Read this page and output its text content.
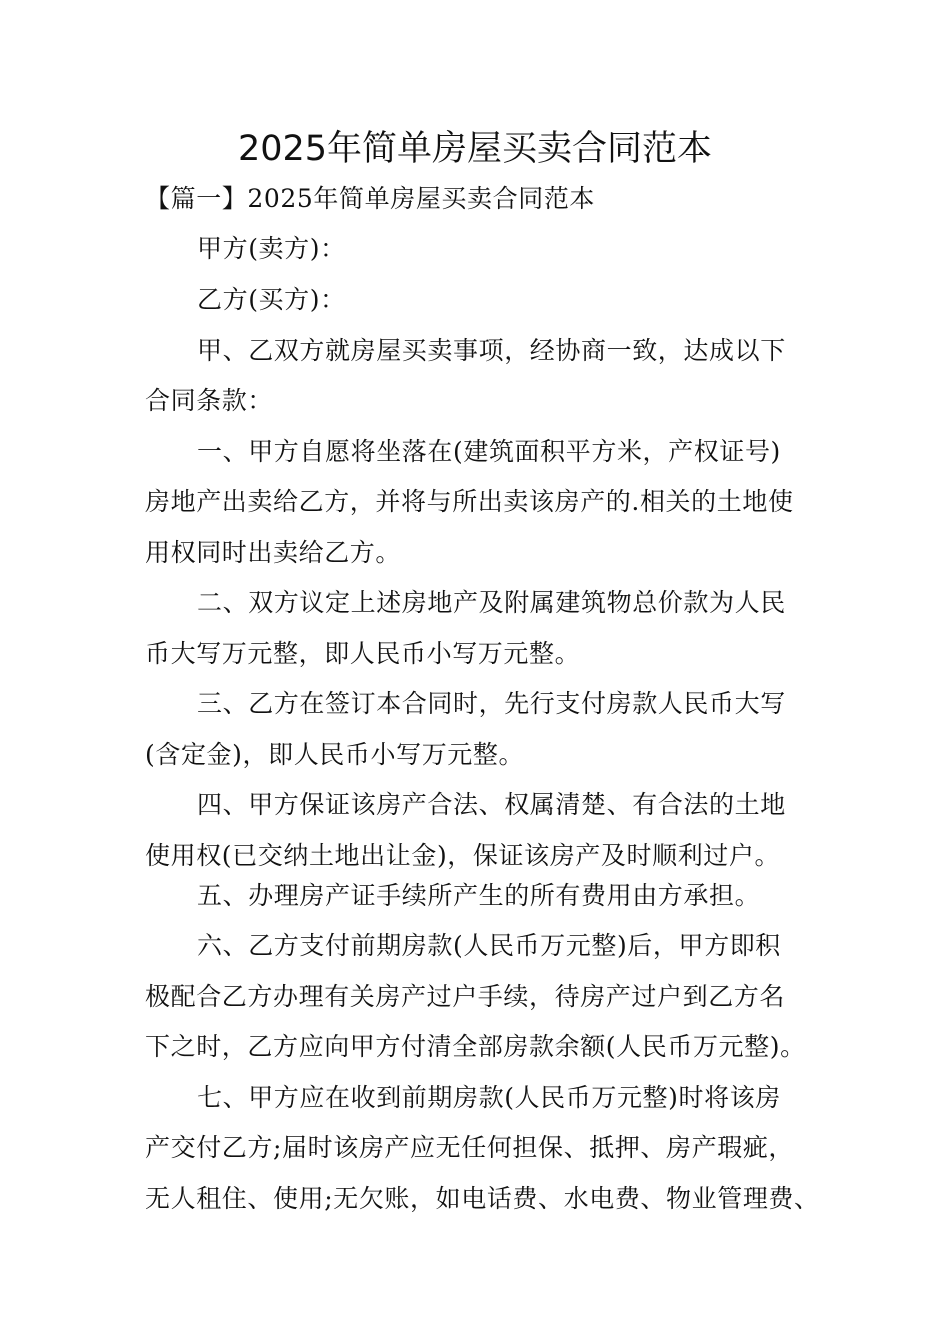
2025年简单房屋买卖合同范本
【篇一】2025年简单房屋买卖合同范本
甲方(卖方)：
乙方(买方)：
甲、乙双方就房屋买卖事项，经协商一致，达成以下
合同条款：
一、甲方自愿将坐落在(建筑面积平方米，产权证号)
房地产出卖给乙方，并将与所出卖该房产的.相关的土地使
用权同时出卖给乙方。
二、双方议定上述房地产及附属建筑物总价款为人民
币大写万元整，即人民币小写万元整。
三、乙方在签订本合同时，先行支付房款人民币大写
(含定金)，即人民币小写万元整。
四、甲方保证该房产合法、权属清楚、有合法的土地
使用权(已交纳土地出让金)，保证该房产及时顺利过户。
五、办理房产证手续所产生的所有费用由方承担。
六、乙方支付前期房款(人民币万元整)后，甲方即积
极配合乙方办理有关房产过户手续，待房产过户到乙方名
下之时，乙方应向甲方付清全部房款余额(人民币万元整)。
七、甲方应在收到前期房款(人民币万元整)时将该房
产交付乙方;届时该房产应无任何担保、抵押、房产瑕疵，
无人租住、使用;无欠账，如电话费、水电费、物业管理费、
